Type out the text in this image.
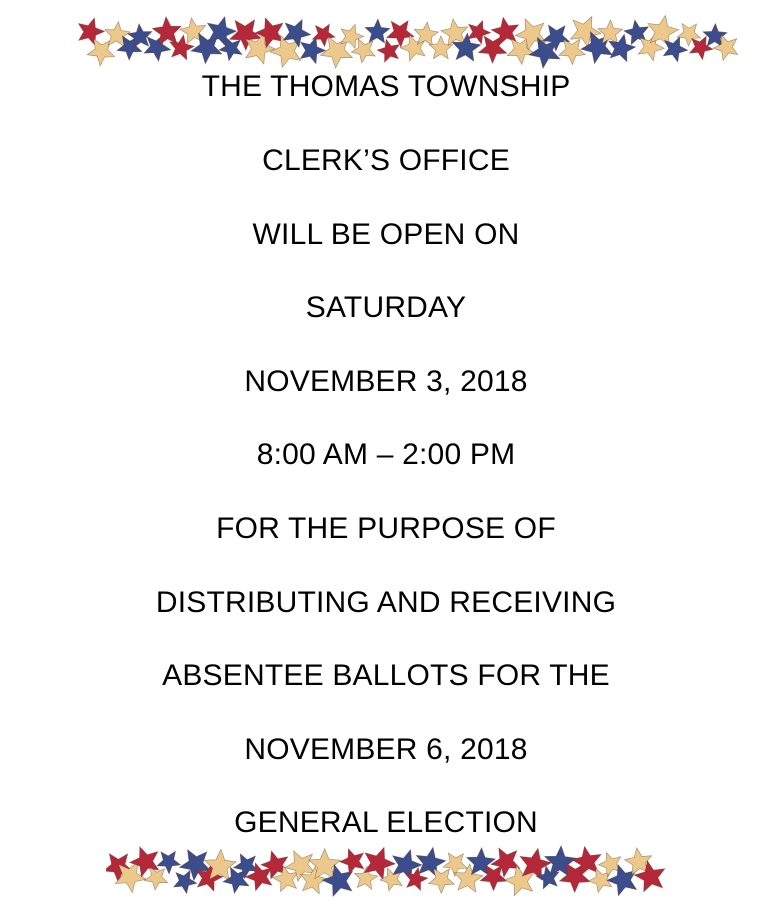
THE THOMAS TOWNSHIP
CLERK’S OFFICE
WILL BE OPEN ON
SATURDAY
NOVEMBER 3, 2018
8:00 AM – 2:00 PM
FOR THE PURPOSE OF
DISTRIBUTING AND RECEIVING
ABSENTEE BALLOTS FOR THE
NOVEMBER 6, 2018
GENERAL ELECTION
